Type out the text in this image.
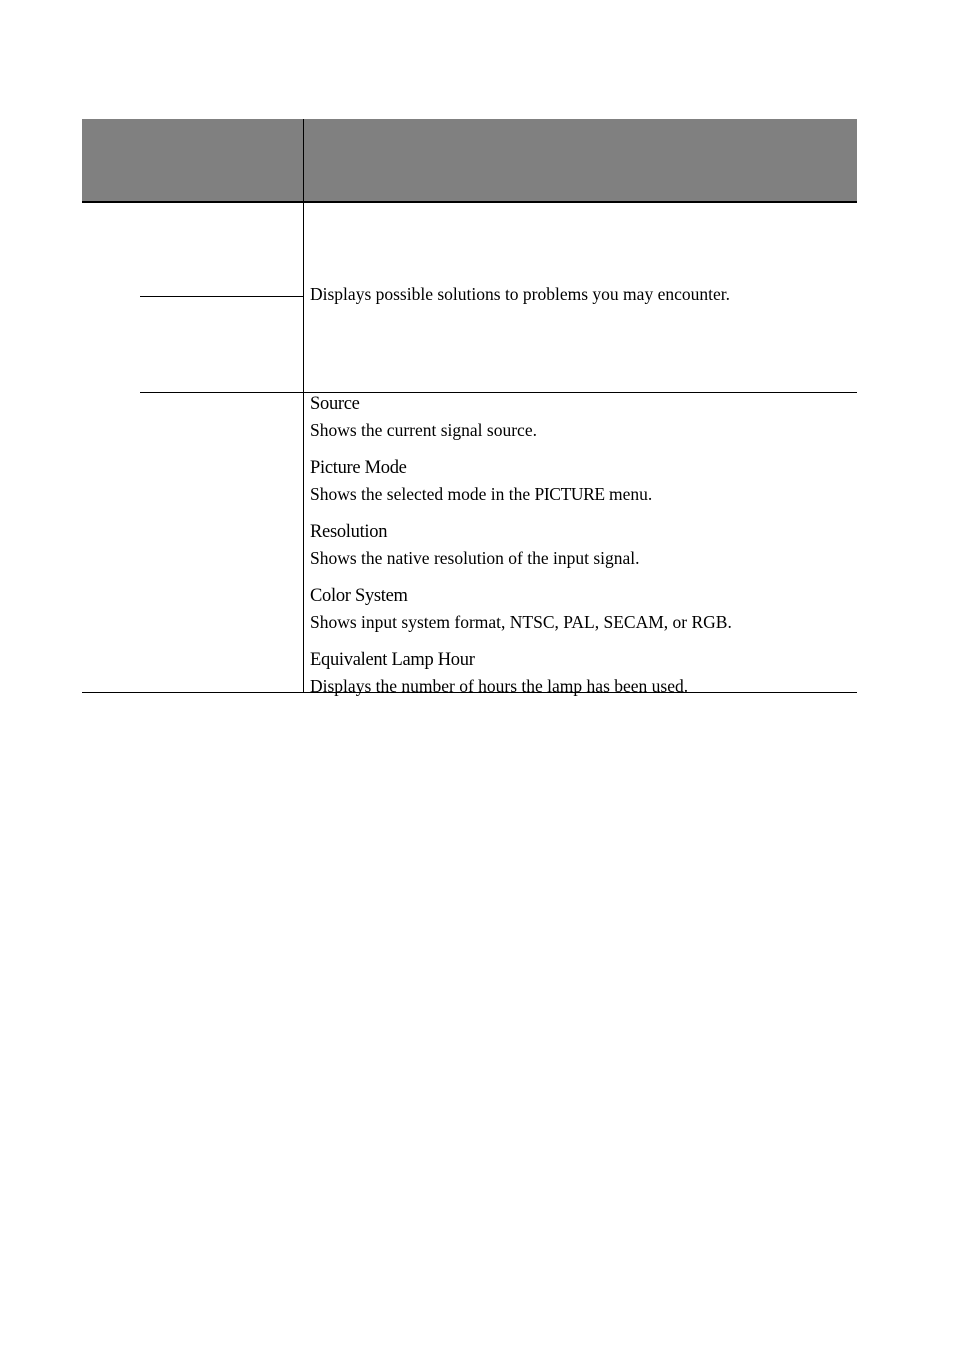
Displays possible solutions to problems you may encounter.
Source
Shows the current signal source.
Picture Mode
Shows the selected mode in the PICTURE menu.
Resolution
Shows the native resolution of the input signal.
Color System
Shows input system format, NTSC, PAL, SECAM, or RGB.
Equivalent Lamp Hour
Displays the number of hours the lamp has been used.
